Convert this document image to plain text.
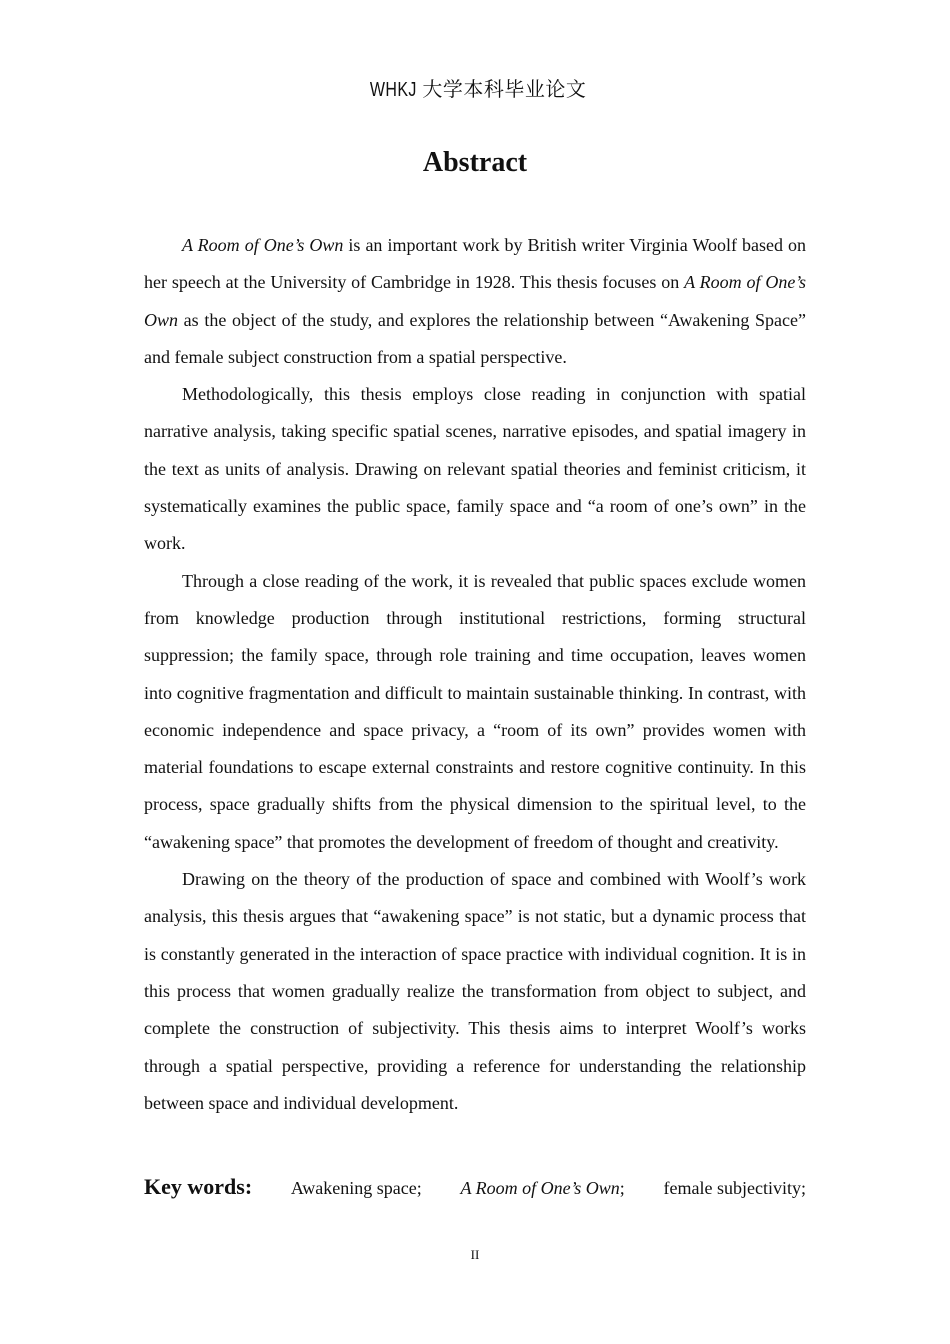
WHKJ 大学本科毕业论文
Abstract

A Room of One’s Own is an important work by British writer Virginia Woolf based on her speech at the University of Cambridge in 1928. This thesis focuses on A Room of One’s Own as the object of the study, and explores the relationship between “Awakening Space” and female subject construction from a spatial perspective.

Methodologically, this thesis employs close reading in conjunction with spatial narrative analysis, taking specific spatial scenes, narrative episodes, and spatial imagery in the text as units of analysis. Drawing on relevant spatial theories and feminist criticism, it systematically examines the public space, family space and “a room of one’s own” in the work.

Through a close reading of the work, it is revealed that public spaces exclude women from knowledge production through institutional restrictions, forming structural suppression; the family space, through role training and time occupation, leaves women into cognitive fragmentation and difficult to maintain sustainable thinking. In contrast, with economic independence and space privacy, a “room of its own” provides women with material foundations to escape external constraints and restore cognitive continuity. In this process, space gradually shifts from the physical dimension to the spiritual level, to the “awakening space” that promotes the development of freedom of thought and creativity.

Drawing on the theory of the production of space and combined with Woolf’s work analysis, this thesis argues that “awakening space” is not static, but a dynamic process that is constantly generated in the interaction of space practice with individual cognition. It is in this process that women gradually realize the transformation from object to subject, and complete the construction of subjectivity. This thesis aims to interpret Woolf’s works through a spatial perspective, providing a reference for understanding the relationship between space and individual development.

Key words: Awakening space; A Room of One’s Own; female subjectivity;
II
